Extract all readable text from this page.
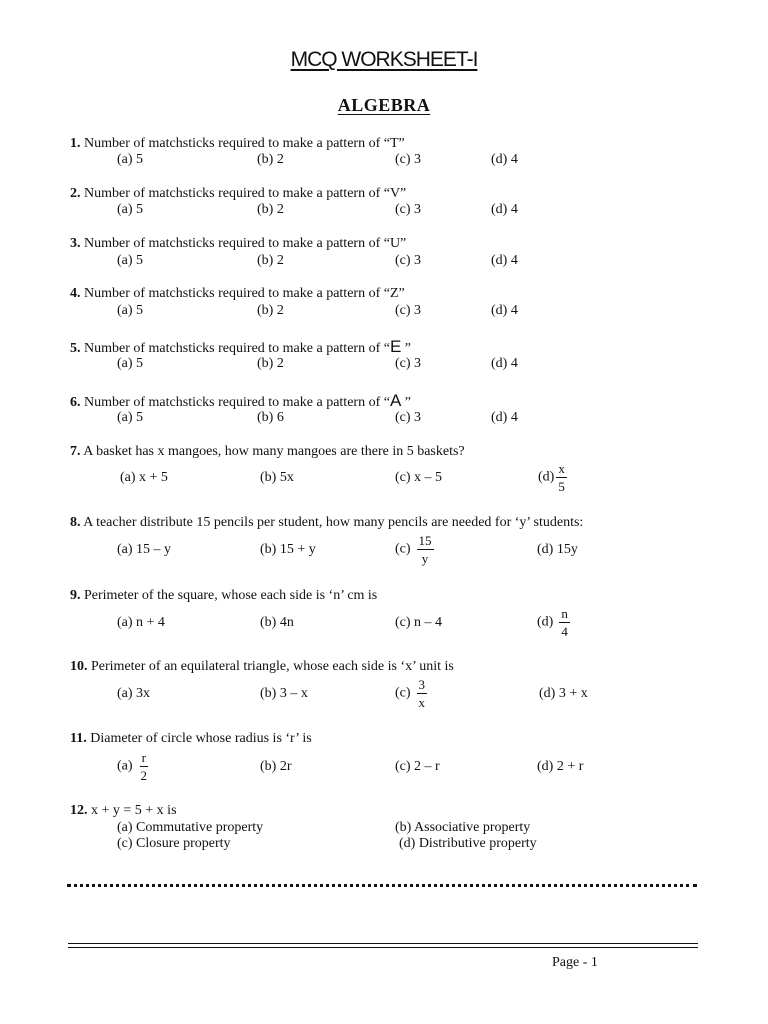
MCQ WORKSHEET-I
ALGEBRA
1. Number of matchsticks required to make a pattern of “T”
(a) 5	(b) 2	(c) 3	(d) 4
2. Number of matchsticks required to make a pattern of “V”
(a) 5	(b) 2	(c) 3	(d) 4
3. Number of matchsticks required to make a pattern of “U”
(a) 5	(b) 2	(c) 3	(d) 4
4. Number of matchsticks required to make a pattern of “Z”
(a) 5	(b) 2	(c) 3	(d) 4
5. Number of matchsticks required to make a pattern of “E ”
(a) 5	(b) 2	(c) 3	(d) 4
6. Number of matchsticks required to make a pattern of “A ”
(a) 5	(b) 6	(c) 3	(d) 4
7. A basket has x mangoes, how many mangoes are there in 5 baskets?
(a) x + 5	(b) 5x	(c) x – 5	$(d) \frac{x}{5}$
8. A teacher distribute 15 pencils per student, how many pencils are needed for ‘y’ students:
(a) 15 – y	(b) 15 + y	$(c) \frac{15}{y}$	(d) 15y
9. Perimeter of the square, whose each side is ‘n’ cm is
(a) n + 4	(b) 4n	(c) n – 4	$(d) \frac{n}{4}$
10. Perimeter of an equilateral triangle, whose each side is ‘x’ unit is
(a) 3x	(b) 3 – x	$(c) \frac{3}{x}$	(d) 3 + x
11. Diameter of circle whose radius is ‘r’ is
$(a) \frac{r}{2}$	(b) 2r	(c) 2 – r	(d) 2 + r
12. x + y = 5 + x is
(a) Commutative property	(b) Associative property
(c) Closure property	(d) Distributive property
Page - 1
